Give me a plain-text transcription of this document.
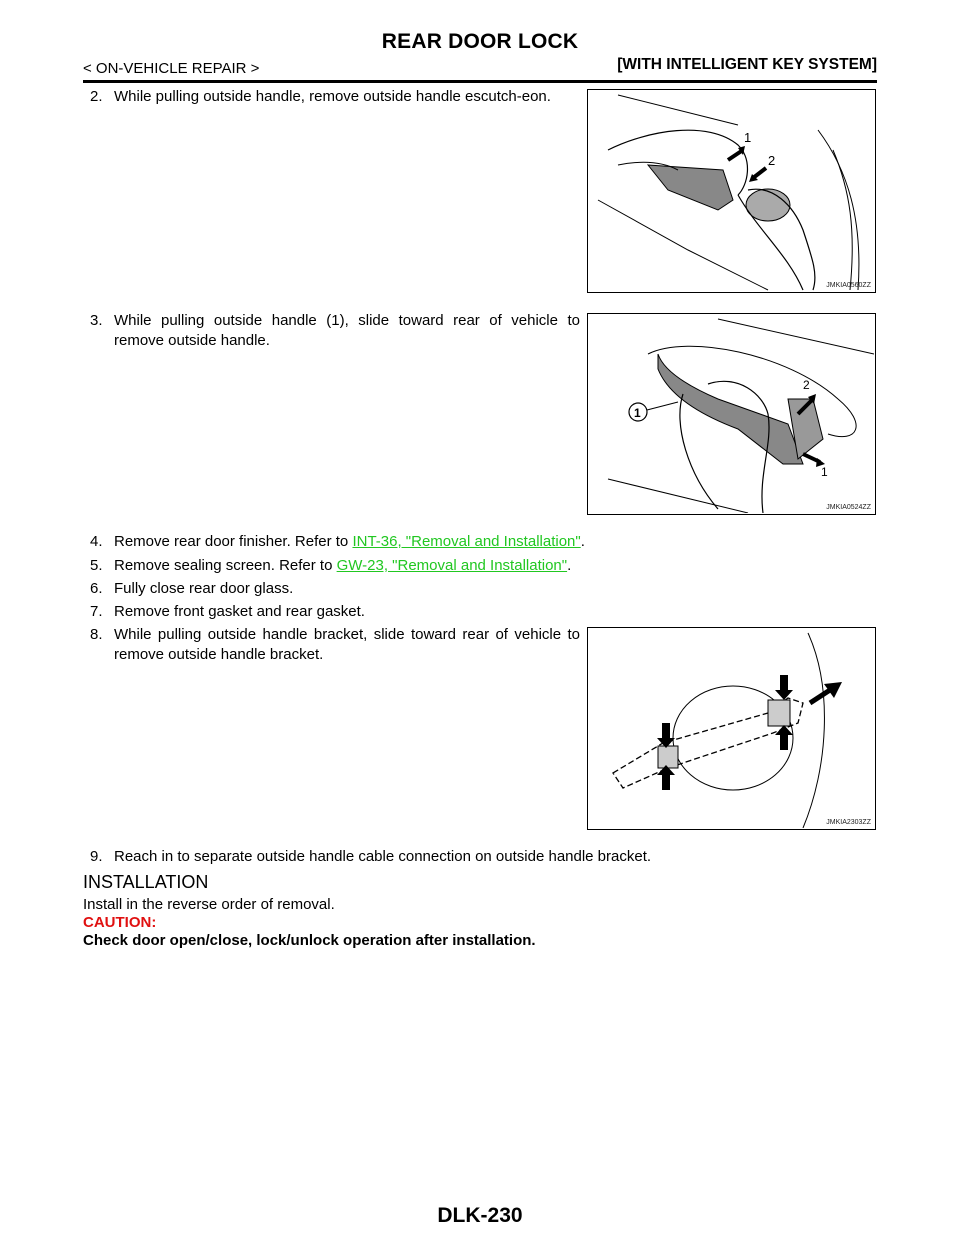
REAR DOOR LOCK
< ON-VEHICLE REPAIR >	[WITH INTELLIGENT KEY SYSTEM]
2. While pulling outside handle, remove outside handle escutch-eon.
1
2
JMKIA0560ZZ
3. While pulling outside handle (1), slide toward rear of vehicle to remove outside handle.
1
2
1
JMKIA0524ZZ
4. Remove rear door finisher. Refer to INT-36, "Removal and Installation".
5. Remove sealing screen. Refer to GW-23, "Removal and Installation".
6. Fully close rear door glass.
7. Remove front gasket and rear gasket.
8. While pulling outside handle bracket, slide toward rear of vehicle to remove outside handle bracket.
JMKIA2303ZZ
9. Reach in to separate outside handle cable connection on outside handle bracket.
INSTALLATION
Install in the reverse order of removal.
CAUTION:
Check door open/close, lock/unlock operation after installation.
DLK-230
